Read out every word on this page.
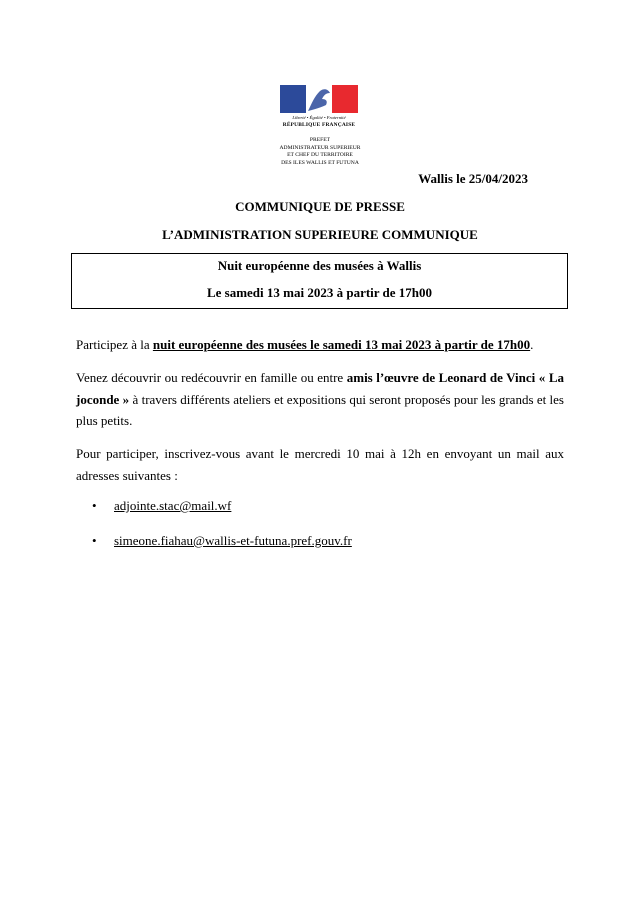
Liberté • Égalité • Fraternité
RÉPUBLIQUE FRANÇAISE
PREFET
ADMINISTRATEUR SUPERIEUR
ET CHEF DU TERRITOIRE
DES ILES WALLIS ET FUTUNA
Wallis le 25/04/2023
COMMUNIQUE DE PRESSE
L’ADMINISTRATION SUPERIEURE COMMUNIQUE
Nuit européenne des musées à Wallis
Le samedi 13 mai 2023 à partir de 17h00
Participez à la nuit européenne des musées le samedi 13 mai 2023 à partir de 17h00.
Venez découvrir ou redécouvrir en famille ou entre amis l’œuvre de Leonard de Vinci « La joconde » à travers différents ateliers et expositions qui seront proposés pour les grands et les plus petits.
Pour participer, inscrivez-vous avant le mercredi 10 mai à 12h en envoyant un mail aux adresses suivantes :
• adjointe.stac@mail.wf
• simeone.fiahau@wallis-et-futuna.pref.gouv.fr
